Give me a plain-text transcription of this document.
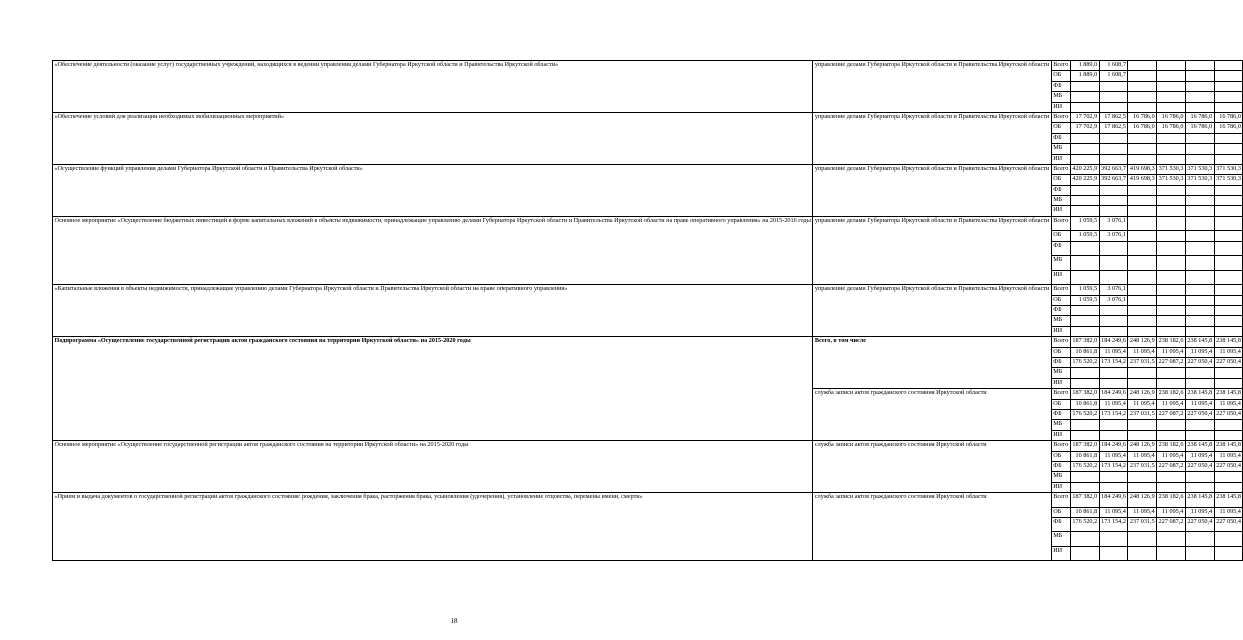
«Обеспечение деятельности (оказание услуг) государственных учреждений, находящихся в ведении управления делами Губернатора Иркутской области и Правительства Иркутской области»	управление делами Губернатора Иркутской области и Правительства Иркутской области	Всего	1 889,0	1 608,7				
		ОБ	1 889,0	1 608,7				
		ФБ						
		МБ						
		ИИ						
«Обеспечение условий для реализации необходимых мобилизационных мероприятий»	управление делами Губернатора Иркутской области и Правительства Иркутской области	Всего	17 702,9	17 862,5	16 786,0	16 786,0	16 786,0	16 786,0
		ОБ	17 702,9	17 862,5	16 786,0	16 786,0	16 786,0	16 786,0
		ФБ						
		МБ						
		ИИ						
«Осуществление функций управления делами Губернатора Иркутской области и Правительства Иркутской области»	управление делами Губернатора Иркутской области и Правительства Иркутской области	Всего	420 225,9	392 663,7	419 698,3	371 530,3	371 530,3	371 530,3
		ОБ	420 225,9	392 663,7	419 698,3	371 530,3	371 530,3	371 530,3
		ФБ						
		МБ						
		ИИ						
Основное мероприятие «Осуществление бюджетных инвестиций в форме капитальных вложений в объекты недвижимости, принадлежащие управлению делами Губернатора Иркутской области и Правительства Иркутской области на праве оперативного управления» на 2015-2016 годы	управление делами Губернатора Иркутской области и Правительства Иркутской области	Всего	1 059,5	3 076,1				
		ОБ	1 059,5	3 076,1				
		ФБ						
		МБ						
		ИИ						
«Капитальные вложения в объекты недвижимости, принадлежащие управлению делами Губернатора Иркутской области и Правительства Иркутской области на праве оперативного управления»	управление делами Губернатора Иркутской области и Правительства Иркутской области	Всего	1 059,5	3 076,1				
		ОБ	1 059,5	3 076,1				
		ФБ						
		МБ						
		ИИ						
Подпрограмма «Осуществление государственной регистрации актов гражданского состояния на территории Иркутской области» на 2015-2020 годы	Всего, в том числе	Всего	187 382,0	184 249,6	248 126,9	238 182,6	238 145,8	238 145,8
		ОБ	10 861,8	11 095,4	11 095,4	11 095,4	11 095,4	11 095,4
		ФБ	176 520,2	173 154,2	237 031,5	227 087,2	227 050,4	227 050,4
		МБ						
		ИИ						
	служба записи актов гражданского состояния Иркутской области	Всего	187 382,0	184 249,6	248 126,9	238 182,6	238 145,8	238 145,8
		ОБ	10 861,8	11 095,4	11 095,4	11 095,4	11 095,4	11 095,4
		ФБ	176 520,2	173 154,2	237 031,5	227 087,2	227 050,4	227 050,4
		МБ						
		ИИ						
Основное мероприятие «Осуществление государственной регистрации актов гражданского состояния на территории Иркутской области» на 2015-2020 годы	служба записи актов гражданского состояния Иркутской области	Всего	187 382,0	184 249,6	248 126,9	238 182,6	238 145,8	238 145,8
		ОБ	10 861,8	11 095,4	11 095,4	11 095,4	11 095,4	11 095,4
		ФБ	176 520,2	173 154,2	237 031,5	227 087,2	227 050,4	227 050,4
		МБ						
		ИИ						
«Прием и выдача документов о государственной регистрации актов гражданского состояния: рождения, заключения брака, расторжения брака, усыновления (удочерения), установление отцовства, перемены имени, смерти»	служба записи актов гражданского состояния Иркутской области	Всего	187 382,0	184 249,6	248 126,9	238 182,6	238 145,8	238 145,8
		ОБ	10 861,8	11 095,4	11 095,4	11 095,4	11 095,4	11 095,4
		ФБ	176 520,2	173 154,2	237 031,5	227 087,2	227 050,4	227 050,4
		МБ						
		ИИ						
18
